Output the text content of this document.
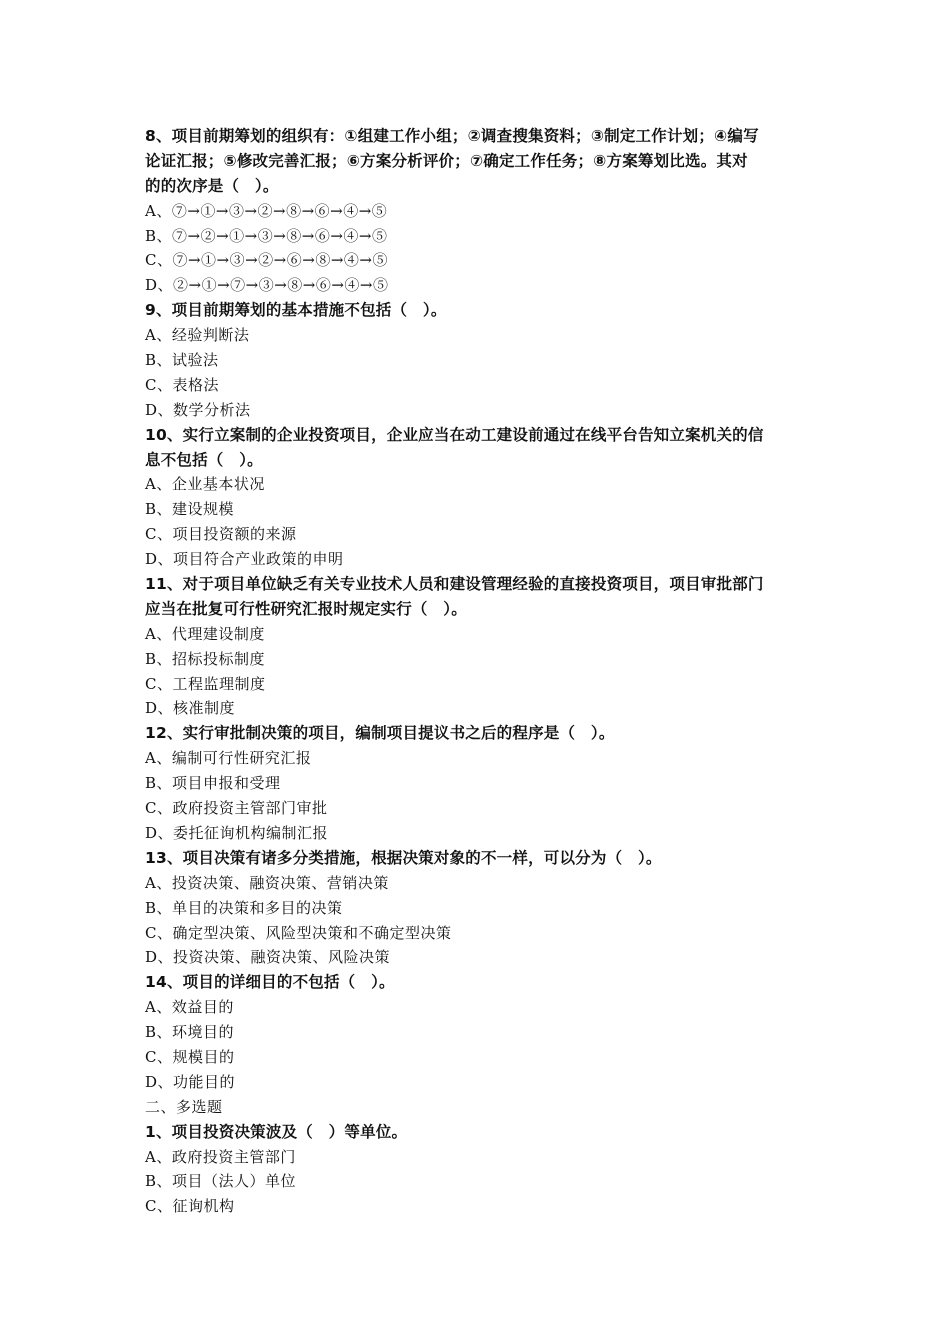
8、项目前期筹划的组织有：①组建工作小组；②调查搜集资料；③制定工作计划；④编写
论证汇报；⑤修改完善汇报；⑥方案分析评价；⑦确定工作任务；⑧方案筹划比选。其对
的的次序是（　）。
A、⑦→①→③→②→⑧→⑥→④→⑤
B、⑦→②→①→③→⑧→⑥→④→⑤
C、⑦→①→③→②→⑥→⑧→④→⑤
D、②→①→⑦→③→⑧→⑥→④→⑤
9、项目前期筹划的基本措施不包括（　）。
A、经验判断法
B、试验法
C、表格法
D、数学分析法
10、实行立案制的企业投资项目，企业应当在动工建设前通过在线平台告知立案机关的信
息不包括（　）。
A、企业基本状况
B、建设规模
C、项目投资额的来源
D、项目符合产业政策的申明
11、对于项目单位缺乏有关专业技术人员和建设管理经验的直接投资项目，项目审批部门
应当在批复可行性研究汇报时规定实行（　）。
A、代理建设制度
B、招标投标制度
C、工程监理制度
D、核准制度
12、实行审批制决策的项目，编制项目提议书之后的程序是（　）。
A、编制可行性研究汇报
B、项目申报和受理
C、政府投资主管部门审批
D、委托征询机构编制汇报
13、项目决策有诸多分类措施，根据决策对象的不一样，可以分为（　）。
A、投资决策、融资决策、营销决策
B、单目的决策和多目的决策
C、确定型决策、风险型决策和不确定型决策
D、投资决策、融资决策、风险决策
14、项目的详细目的不包括（　）。
A、效益目的
B、环境目的
C、规模目的
D、功能目的
二、多选题
1、项目投资决策波及（　）等单位。
A、政府投资主管部门
B、项目（法人）单位
C、征询机构
